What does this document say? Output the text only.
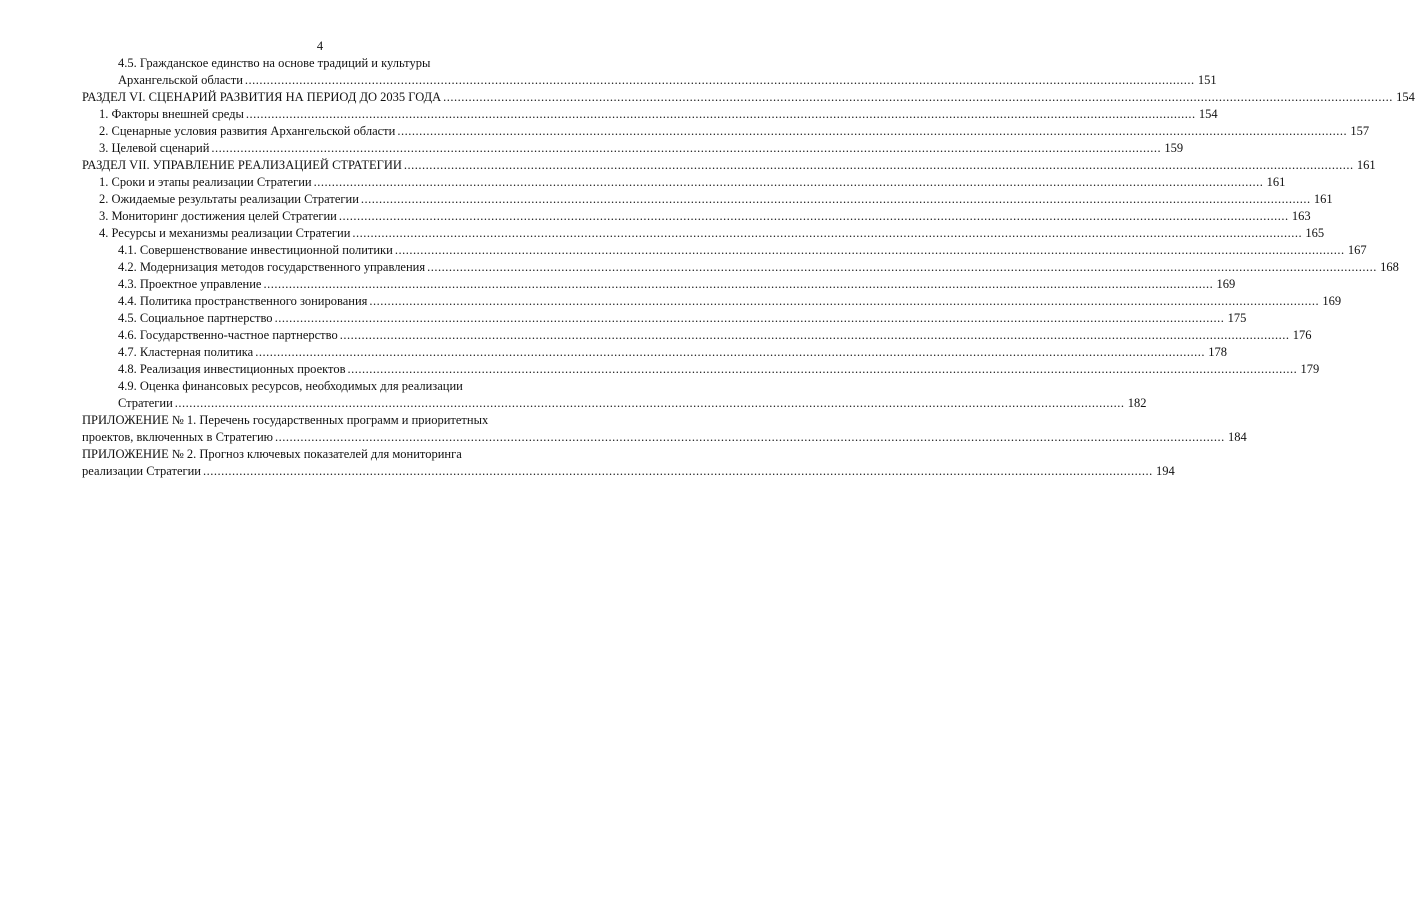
4
4.5. Гражданское единство на основе традиций и культуры
Архангельской области .....	151
РАЗДЕЛ VI. СЦЕНАРИЙ РАЗВИТИЯ НА ПЕРИОД ДО 2035 ГОДА .....	154
1. Факторы внешней среды .....	154
2. Сценарные условия развития Архангельской области .....	157
3. Целевой сценарий .....	159
РАЗДЕЛ VII. УПРАВЛЕНИЕ РЕАЛИЗАЦИЕЙ СТРАТЕГИИ .....	161
1. Сроки и этапы реализации Стратегии .....	161
2. Ожидаемые результаты реализации Стратегии .....	161
3. Мониторинг достижения целей Стратегии .....	163
4. Ресурсы и механизмы реализации Стратегии .....	165
4.1. Совершенствование инвестиционной политики .....	167
4.2. Модернизация методов государственного управления .....	168
4.3. Проектное управление .....	169
4.4. Политика пространственного зонирования .....	169
4.5. Социальное партнерство .....	175
4.6. Государственно-частное партнерство .....	176
4.7. Кластерная политика .....	178
4.8. Реализация инвестиционных проектов .....	179
4.9. Оценка финансовых ресурсов, необходимых для реализации
Стратегии .....	182
ПРИЛОЖЕНИЕ № 1. Перечень государственных программ и приоритетных
проектов, включенных в Стратегию .....	184
ПРИЛОЖЕНИЕ № 2. Прогноз ключевых показателей для мониторинга
реализации Стратегии .....	194
